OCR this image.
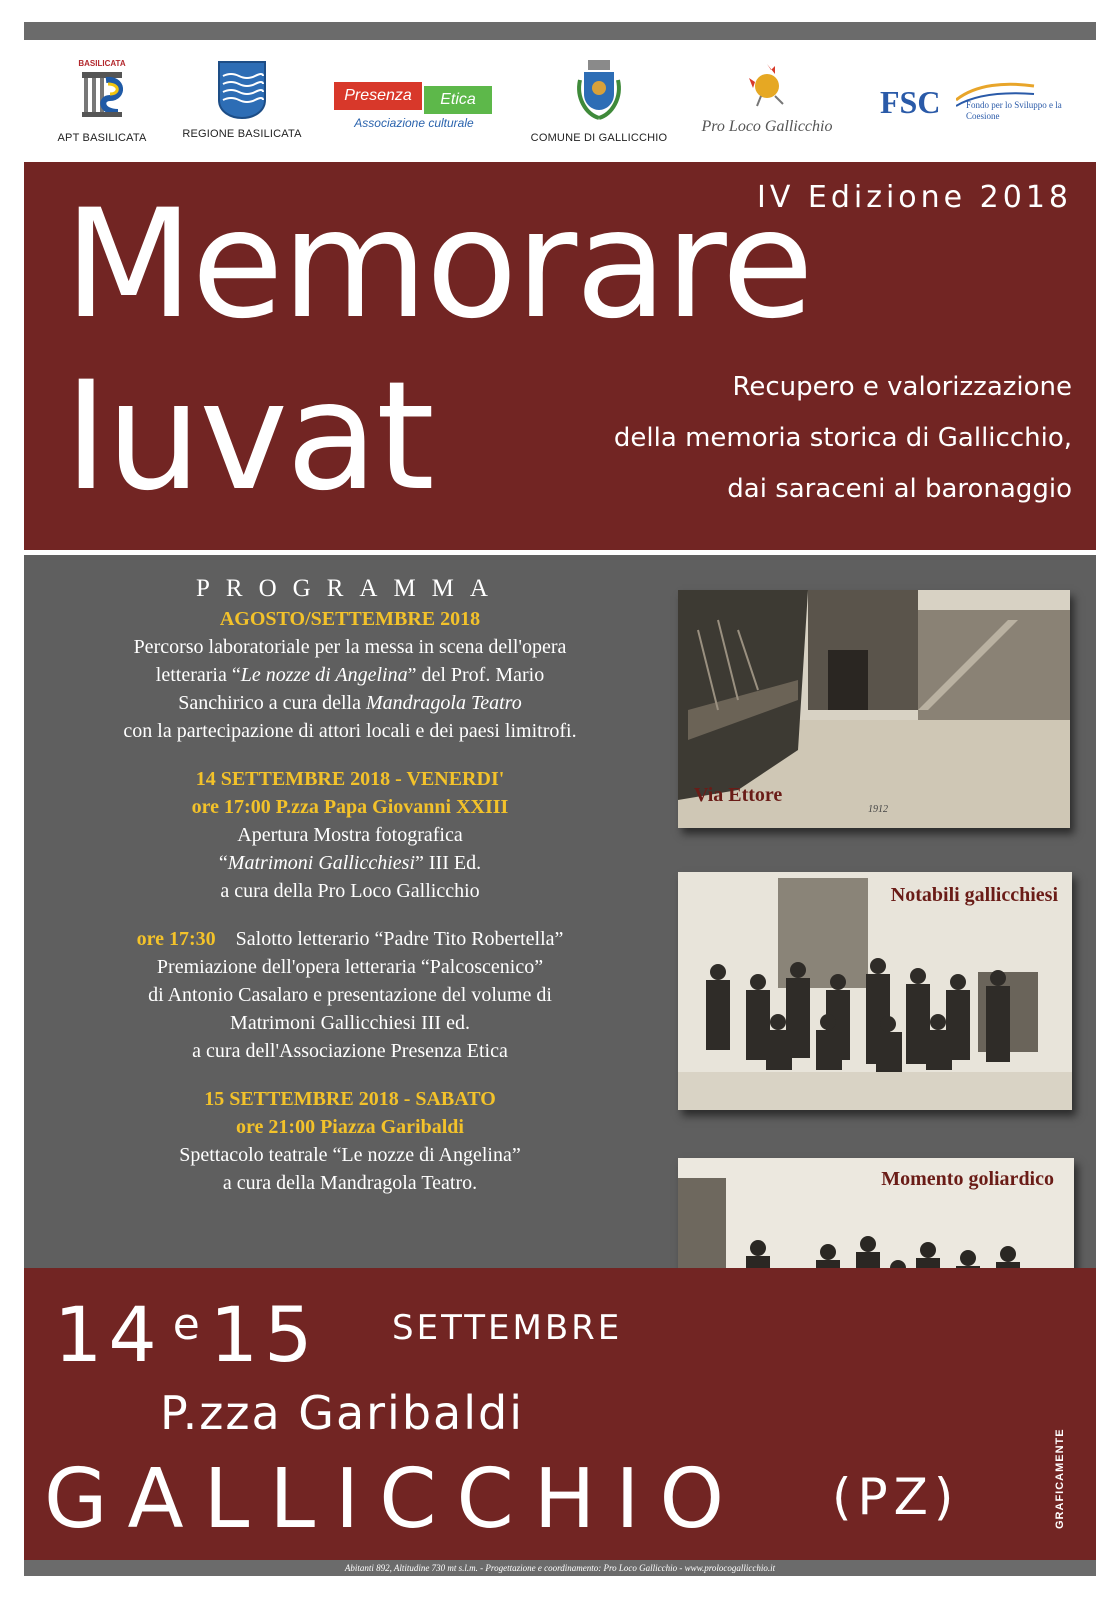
BASILICATA
APT BASILICATA	REGIONE BASILICATA
Presenza	Etica
Associazione culturale
COMUNE DI GALLICCHIO
Pro Loco Gallicchio
FSC	Fondo per lo Sviluppo e la Coesione
IV Edizione 2018
Memorare
Iuvat	Recupero e valorizzazione
della memoria storica di Gallicchio,
dai saraceni al baronaggio
PROGRAMMA
AGOSTO/SETTEMBRE 2018
Percorso laboratoriale per la messa in scena dell'opera
letteraria “Le nozze di Angelina” del Prof. Mario
Sanchirico a cura della Mandragola Teatro
con la partecipazione di attori locali e dei paesi limitrofi.
14 SETTEMBRE 2018 - VENERDI'
ore 17:00 P.zza Papa Giovanni XXIII
Apertura Mostra fotografica
“Matrimoni Gallicchiesi” III Ed.
a cura della Pro Loco Gallicchio
ore 17:30 Salotto letterario “Padre Tito Robertella”
Premiazione dell'opera letteraria “Palcoscenico”
di Antonio Casalaro e presentazione del volume di
Matrimoni Gallicchiesi III ed.
a cura dell'Associazione Presenza Etica
15 SETTEMBRE 2018 - SABATO
ore 21:00 Piazza Garibaldi
Spettacolo teatrale “Le nozze di Angelina”
a cura della Mandragola Teatro.
Via Ettore
1912
Notabili gallicchiesi
Momento goliardico
14 $^e$ 15 SETTEMBRE
P.zza Garibaldi
GALLICCHIO (PZ)	GRAFICAMENTE
Abitanti 892, Altitudine 730 mt s.l.m. - Progettazione e coordinamento: Pro Loco Gallicchio - www.prolocogallicchio.it
